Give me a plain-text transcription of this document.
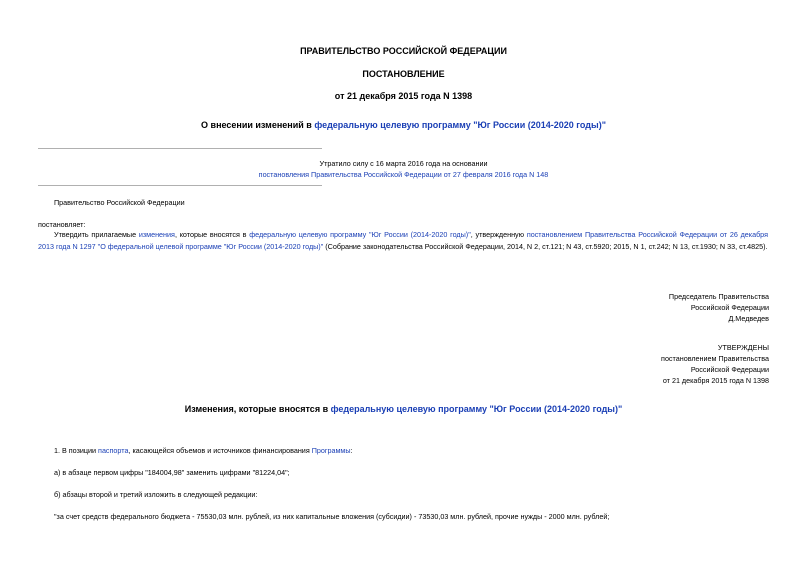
ПРАВИТЕЛЬСТВО РОССИЙСКОЙ ФЕДЕРАЦИИ
ПОСТАНОВЛЕНИЕ
от 21 декабря 2015 года N 1398
О внесении изменений в федеральную целевую программу "Юг России (2014-2020 годы)"
Утратило силу с 16 марта 2016 года на основании
постановления Правительства Российской Федерации от 27 февраля 2016 года N 148
Правительство Российской Федерации
постановляет:
Утвердить прилагаемые изменения, которые вносятся в федеральную целевую программу "Юг России (2014-2020 годы)", утвержденную постановлением Правительства Российской Федерации от 26 декабря 2013 года N 1297 "О федеральной целевой программе "Юг России (2014-2020 годы)" (Собрание законодательства Российской Федерации, 2014, N 2, ст.121; N 43, ст.5920; 2015, N 1, ст.242; N 13, ст.1930; N 33, ст.4825).
Председатель Правительства
Российской Федерации
Д.Медведев
УТВЕРЖДЕНЫ
постановлением Правительства
Российской Федерации
от 21 декабря 2015 года N 1398
Изменения, которые вносятся в федеральную целевую программу "Юг России (2014-2020 годы)"
1. В позиции паспорта, касающейся объемов и источников финансирования Программы:
а) в абзаце первом цифры "184004,98" заменить цифрами "81224,04";
б) абзацы второй и третий изложить в следующей редакции:
"за счет средств федерального бюджета - 75530,03 млн. рублей, из них капитальные вложения (субсидии) - 73530,03 млн. рублей, прочие нужды - 2000 млн. рублей;
